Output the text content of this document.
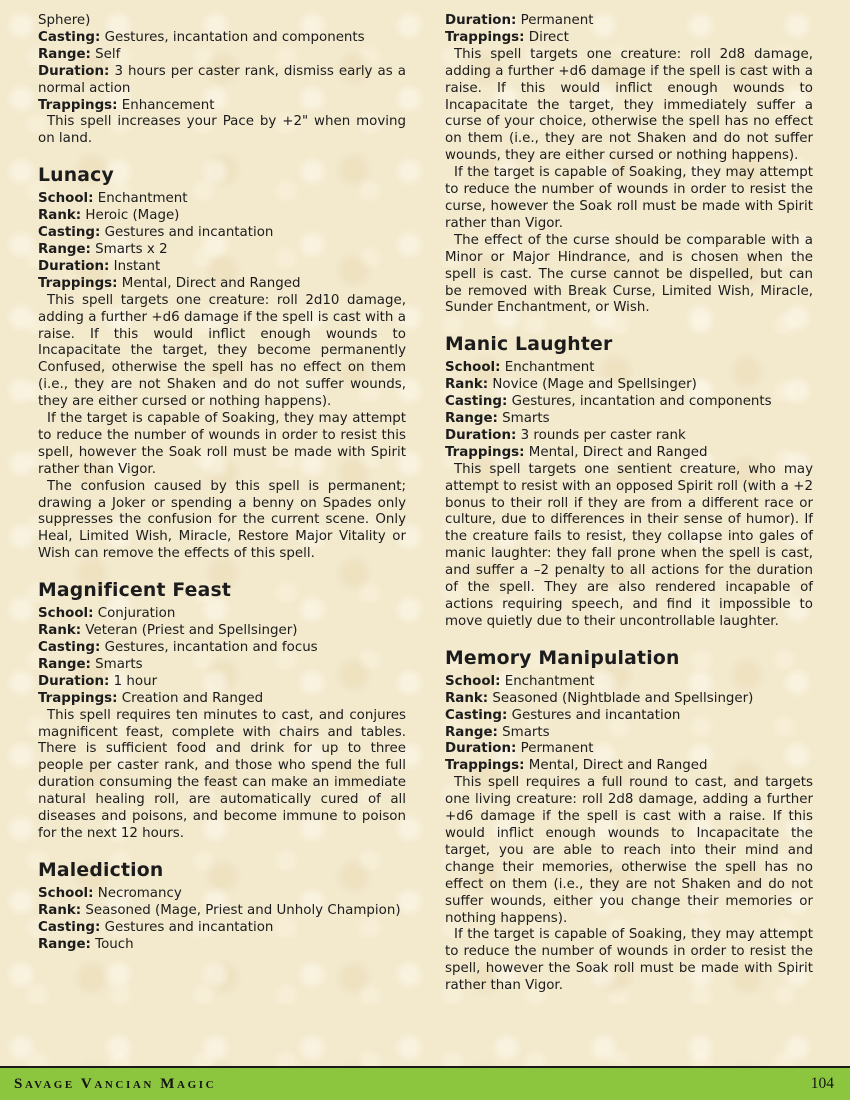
Sphere)

Casting: Gestures, incantation and components
Range: Self
Duration: 3 hours per caster rank, dismiss early as a normal action
Trappings: Enhancement

This spell increases your Pace by +2" when moving on land.

Lunacy
School: Enchantment
Rank: Heroic (Mage)
Casting: Gestures and incantation
Range: Smarts x 2
Duration: Instant
Trappings: Mental, Direct and Ranged

This spell targets one creature: roll 2d10 damage, adding a further +d6 damage if the spell is cast with a raise. If this would inflict enough wounds to Incapacitate the target, they become permanently Confused, otherwise the spell has no effect on them (i.e., they are not Shaken and do not suffer wounds, they are either cursed or nothing happens).

If the target is capable of Soaking, they may attempt to reduce the number of wounds in order to resist this spell, however the Soak roll must be made with Spirit rather than Vigor.

The confusion caused by this spell is permanent; drawing a Joker or spending a benny on Spades only suppresses the confusion for the current scene. Only Heal, Limited Wish, Miracle, Restore Major Vitality or Wish can remove the effects of this spell.

Magnificent Feast
School: Conjuration
Rank: Veteran (Priest and Spellsinger)
Casting: Gestures, incantation and focus
Range: Smarts
Duration: 1 hour
Trappings: Creation and Ranged

This spell requires ten minutes to cast, and conjures magnificent feast, complete with chairs and tables. There is sufficient food and drink for up to three people per caster rank, and those who spend the full duration consuming the feast can make an immediate natural healing roll, are automatically cured of all diseases and poisons, and become immune to poison for the next 12 hours.

Malediction
School: Necromancy
Rank: Seasoned (Mage, Priest and Unholy Champion)
Casting: Gestures and incantation
Range: Touch
Duration: Permanent
Trappings: Direct

This spell targets one creature: roll 2d8 damage, adding a further +d6 damage if the spell is cast with a raise. If this would inflict enough wounds to Incapacitate the target, they immediately suffer a curse of your choice, otherwise the spell has no effect on them (i.e., they are not Shaken and do not suffer wounds, they are either cursed or nothing happens).

If the target is capable of Soaking, they may attempt to reduce the number of wounds in order to resist the curse, however the Soak roll must be made with Spirit rather than Vigor.

The effect of the curse should be comparable with a Minor or Major Hindrance, and is chosen when the spell is cast. The curse cannot be dispelled, but can be removed with Break Curse, Limited Wish, Miracle, Sunder Enchantment, or Wish.

Manic Laughter
School: Enchantment
Rank: Novice (Mage and Spellsinger)
Casting: Gestures, incantation and components
Range: Smarts
Duration: 3 rounds per caster rank
Trappings: Mental, Direct and Ranged

This spell targets one sentient creature, who may attempt to resist with an opposed Spirit roll (with a +2 bonus to their roll if they are from a different race or culture, due to differences in their sense of humor). If the creature fails to resist, they collapse into gales of manic laughter: they fall prone when the spell is cast, and suffer a –2 penalty to all actions for the duration of the spell. They are also rendered incapable of actions requiring speech, and find it impossible to move quietly due to their uncontrollable laughter.

Memory Manipulation
School: Enchantment
Rank: Seasoned (Nightblade and Spellsinger)
Casting: Gestures and incantation
Range: Smarts
Duration: Permanent
Trappings: Mental, Direct and Ranged

This spell requires a full round to cast, and targets one living creature: roll 2d8 damage, adding a further +d6 damage if the spell is cast with a raise. If this would inflict enough wounds to Incapacitate the target, you are able to reach into their mind and change their memories, otherwise the spell has no effect on them (i.e., they are not Shaken and do not suffer wounds, either you change their memories or nothing happens).

If the target is capable of Soaking, they may attempt to reduce the number of wounds in order to resist the spell, however the Soak roll must be made with Spirit rather than Vigor.

Savage Vancian Magic	104
